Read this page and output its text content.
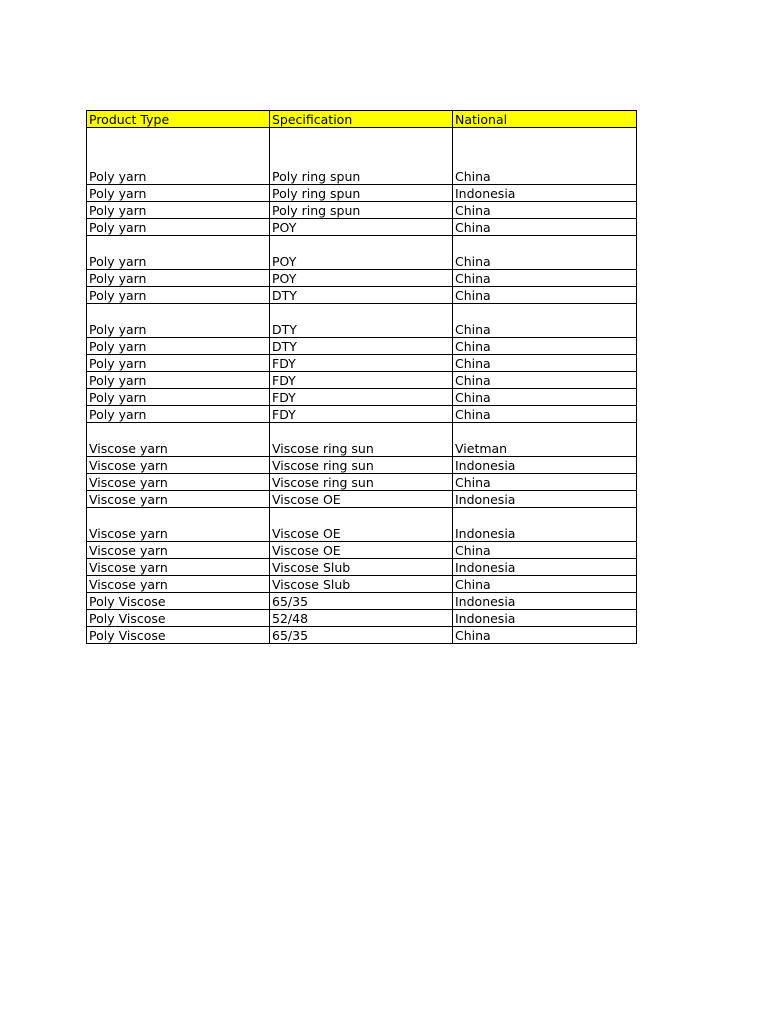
Product Type	Specification	National
Poly yarn	Poly ring spun	China
Poly yarn	Poly ring spun	Indonesia
Poly yarn	Poly ring spun	China
Poly yarn	POY	China
Poly yarn	POY	China
Poly yarn	POY	China
Poly yarn	DTY	China
Poly yarn	DTY	China
Poly yarn	DTY	China
Poly yarn	FDY	China
Poly yarn	FDY	China
Poly yarn	FDY	China
Poly yarn	FDY	China
Viscose yarn	Viscose ring sun	Vietman
Viscose yarn	Viscose ring sun	Indonesia
Viscose yarn	Viscose ring sun	China
Viscose yarn	Viscose OE	Indonesia
Viscose yarn	Viscose OE	Indonesia
Viscose yarn	Viscose OE	China
Viscose yarn	Viscose Slub	Indonesia
Viscose yarn	Viscose Slub	China
Poly Viscose	65/35	Indonesia
Poly Viscose	52/48	Indonesia
Poly Viscose	65/35	China
